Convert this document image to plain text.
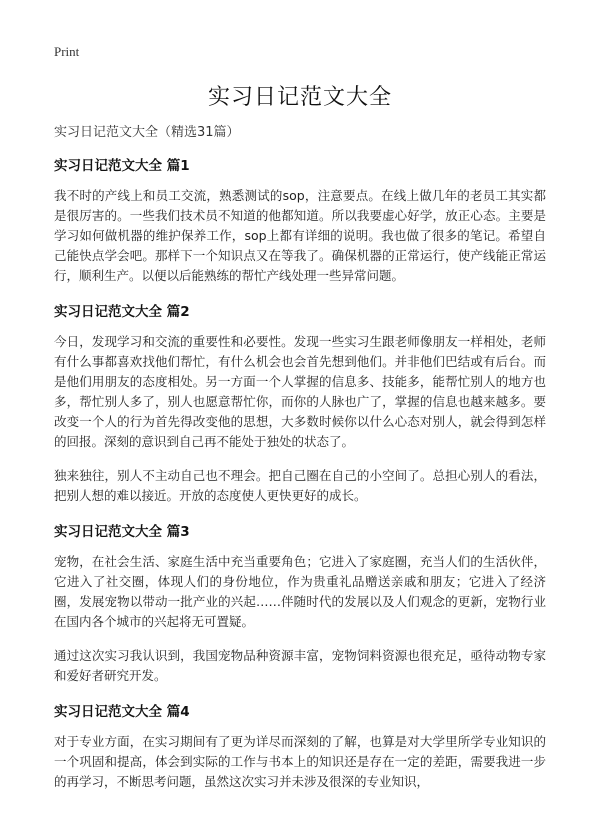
Print
实习日记范文大全
实习日记范文大全（精选31篇）
实习日记范文大全 篇1

我不时的产线上和员工交流，熟悉测试的sop，注意要点。在线上做几年的老员工其实都是很厉害的。一些我们技术员不知道的他都知道。所以我要虚心好学，放正心态。主要是学习如何做机器的维护保养工作，sop上都有详细的说明。我也做了很多的笔记。希望自己能快点学会吧。那样下一个知识点又在等我了。确保机器的正常运行，使产线能正常运行，顺利生产。以便以后能熟练的帮忙产线处理一些异常问题。

实习日记范文大全 篇2

今日，发现学习和交流的重要性和必要性。发现一些实习生跟老师像朋友一样相处，老师有什么事都喜欢找他们帮忙，有什么机会也会首先想到他们。并非他们巴结或有后台。而是他们用朋友的态度相处。另一方面一个人掌握的信息多、技能多，能帮忙别人的地方也多，帮忙别人多了，别人也愿意帮忙你，而你的人脉也广了，掌握的信息也越来越多。要改变一个人的行为首先得改变他的思想，大多数时候你以什么心态对别人，就会得到怎样的回报。深刻的意识到自己再不能处于独处的状态了。

独来独往，别人不主动自己也不理会。把自己圈在自己的小空间了。总担心别人的看法，把别人想的难以接近。开放的态度使人更快更好的成长。

实习日记范文大全 篇3

宠物，在社会生活、家庭生活中充当重要角色；它进入了家庭圈，充当人们的生活伙伴，它进入了社交圈，体现人们的身份地位，作为贵重礼品赠送亲戚和朋友；它进入了经济圈，发展宠物以带动一批产业的兴起……伴随时代的发展以及人们观念的更新，宠物行业在国内各个城市的兴起将无可置疑。

通过这次实习我认识到，我国宠物品种资源丰富，宠物饲料资源也很充足，亟待动物专家和爱好者研究开发。

实习日记范文大全 篇4

对于专业方面，在实习期间有了更为详尽而深刻的了解，也算是对大学里所学专业知识的一个巩固和提高，体会到实际的工作与书本上的知识还是存在一定的差距，需要我进一步的再学习，不断思考问题，虽然这次实习并未涉及很深的专业知识，
